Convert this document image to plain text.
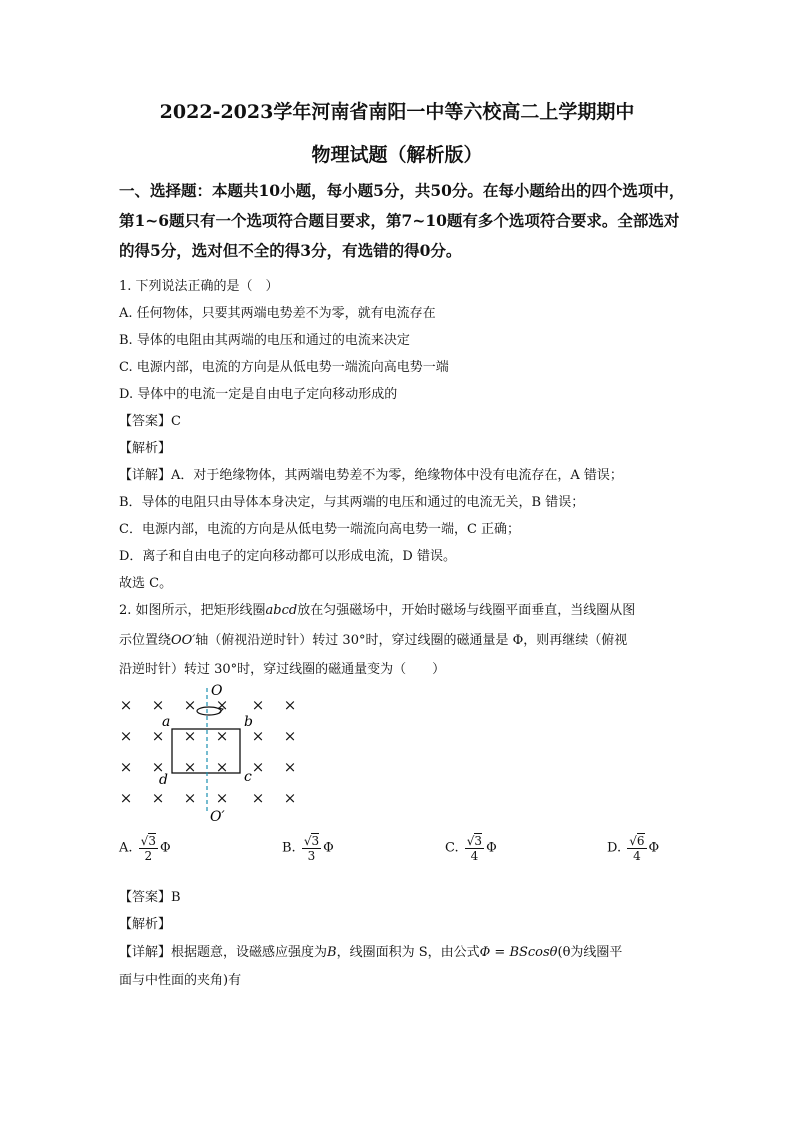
2022-2023学年河南省南阳一中等六校高二上学期期中
物理试题（解析版）
一、选择题：本题共10小题，每小题5分，共50分。在每小题给出的四个选项中，第1~6题只有一个选项符合题目要求，第7~10题有多个选项符合要求。全部选对的得5分，选对但不全的得3分，有选错的得0分。
1. 下列说法正确的是（　）
A. 任何物体，只要其两端电势差不为零，就有电流存在
B. 导体的电阻由其两端的电压和通过的电流来决定
C. 电源内部，电流的方向是从低电势一端流向高电势一端
D. 导体中的电流一定是自由电子定向移动形成的
【答案】C
【解析】
【详解】A．对于绝缘物体，其两端电势差不为零，绝缘物体中没有电流存在，A 错误；
B．导体的电阻只由导体本身决定，与其两端的电压和通过的电流无关，B 错误；
C．电源内部，电流的方向是从低电势一端流向高电势一端，C 正确；
D．离子和自由电子的定向移动都可以形成电流，D 错误。
故选 C。
2. 如图所示，把矩形线圈abcd放在匀强磁场中，开始时磁场与线圈平面垂直，当线圈从图
示位置绕OO′轴（俯视沿逆时针）转过 30°时，穿过线圈的磁通量是 Φ，则再继续（俯视
沿逆时针）转过 30°时，穿过线圈的磁通量变为（　　）
× × × × × ×
× × × × × ×
× × × × × ×
× × × × × ×
O
O′
a	b
c
d
A. $\frac{√3}{2}$ Φ	B. $\frac{√3}{3}$ Φ	C. $\frac{√3}{4}$ Φ	D. $\frac{√6}{4}$ Φ
【答案】B
【解析】
【详解】根据题意，设磁感应强度为B，线圈面积为 S，由公式Φ = BScosθ(θ为线圈平
面与中性面的夹角)有
